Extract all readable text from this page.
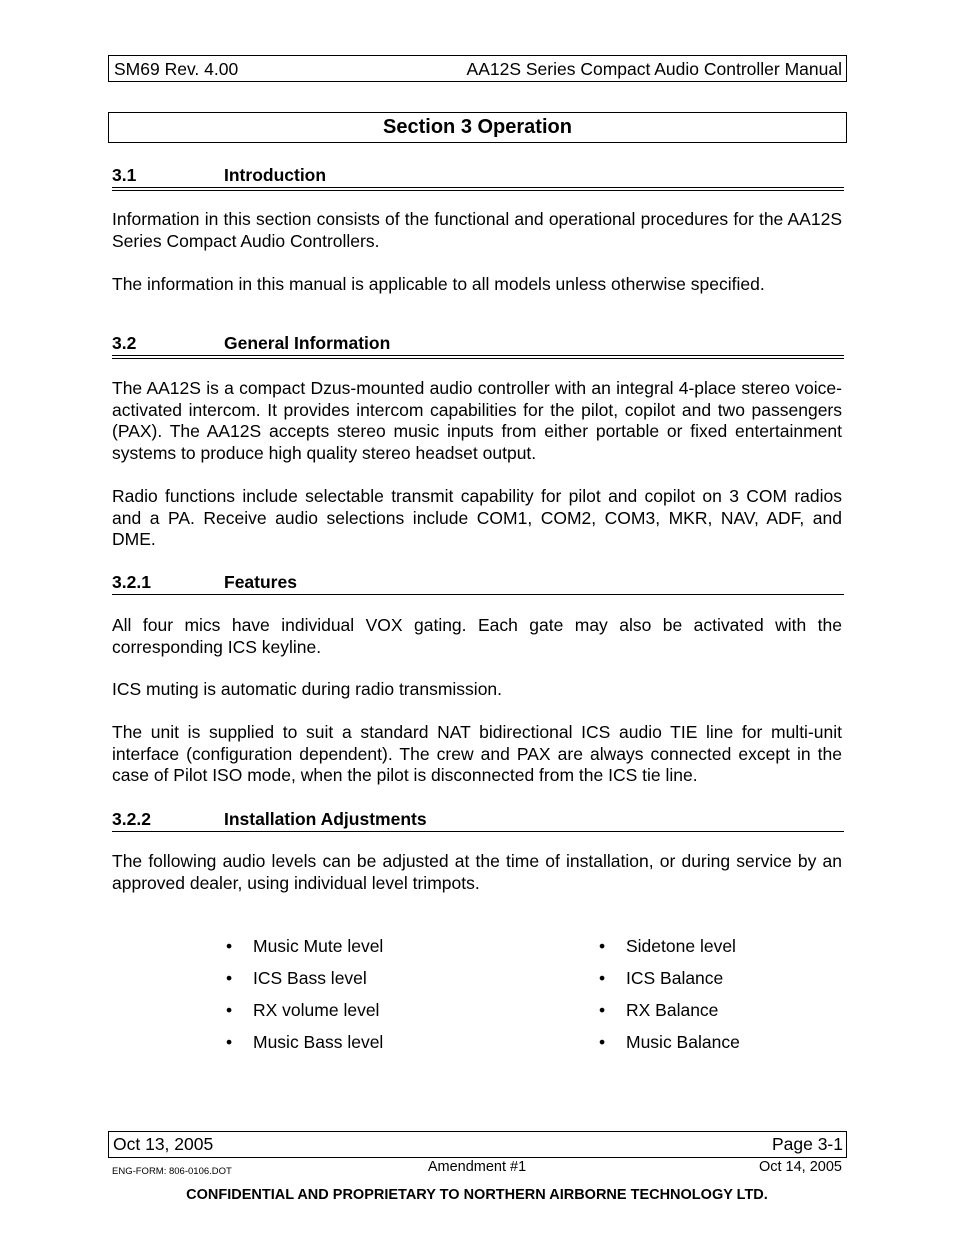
SM69 Rev. 4.00	AA12S Series Compact Audio Controller Manual
Section 3 Operation
3.1	Introduction

Information in this section consists of the functional and operational procedures for the AA12S Series Compact Audio Controllers.

The information in this manual is applicable to all models unless otherwise specified.

3.2	General Information

The AA12S is a compact Dzus-mounted audio controller with an integral 4-place stereo voice-activated intercom. It provides intercom capabilities for the pilot, copilot and two passengers (PAX). The AA12S accepts stereo music inputs from either portable or fixed entertainment systems to produce high quality stereo headset output.

Radio functions include selectable transmit capability for pilot and copilot on 3 COM radios and a PA. Receive audio selections include COM1, COM2, COM3, MKR, NAV, ADF, and DME.

3.2.1	Features

All four mics have individual VOX gating. Each gate may also be activated with the corresponding ICS keyline.

ICS muting is automatic during radio transmission.

The unit is supplied to suit a standard NAT bidirectional ICS audio TIE line for multi-unit interface (configuration dependent). The crew and PAX are always connected except in the case of Pilot ISO mode, when the pilot is disconnected from the ICS tie line.

3.2.2	Installation Adjustments

The following audio levels can be adjusted at the time of installation, or during service by an approved dealer, using individual level trimpots.

• Music Mute level
• ICS Bass level
• RX volume level
• Music Bass level
• Sidetone level
• ICS Balance
• RX Balance
• Music Balance
Oct 13, 2005	Page 3-1
ENG-FORM: 806-0106.DOT	Amendment #1	Oct 14, 2005
CONFIDENTIAL AND PROPRIETARY TO NORTHERN AIRBORNE TECHNOLOGY LTD.
